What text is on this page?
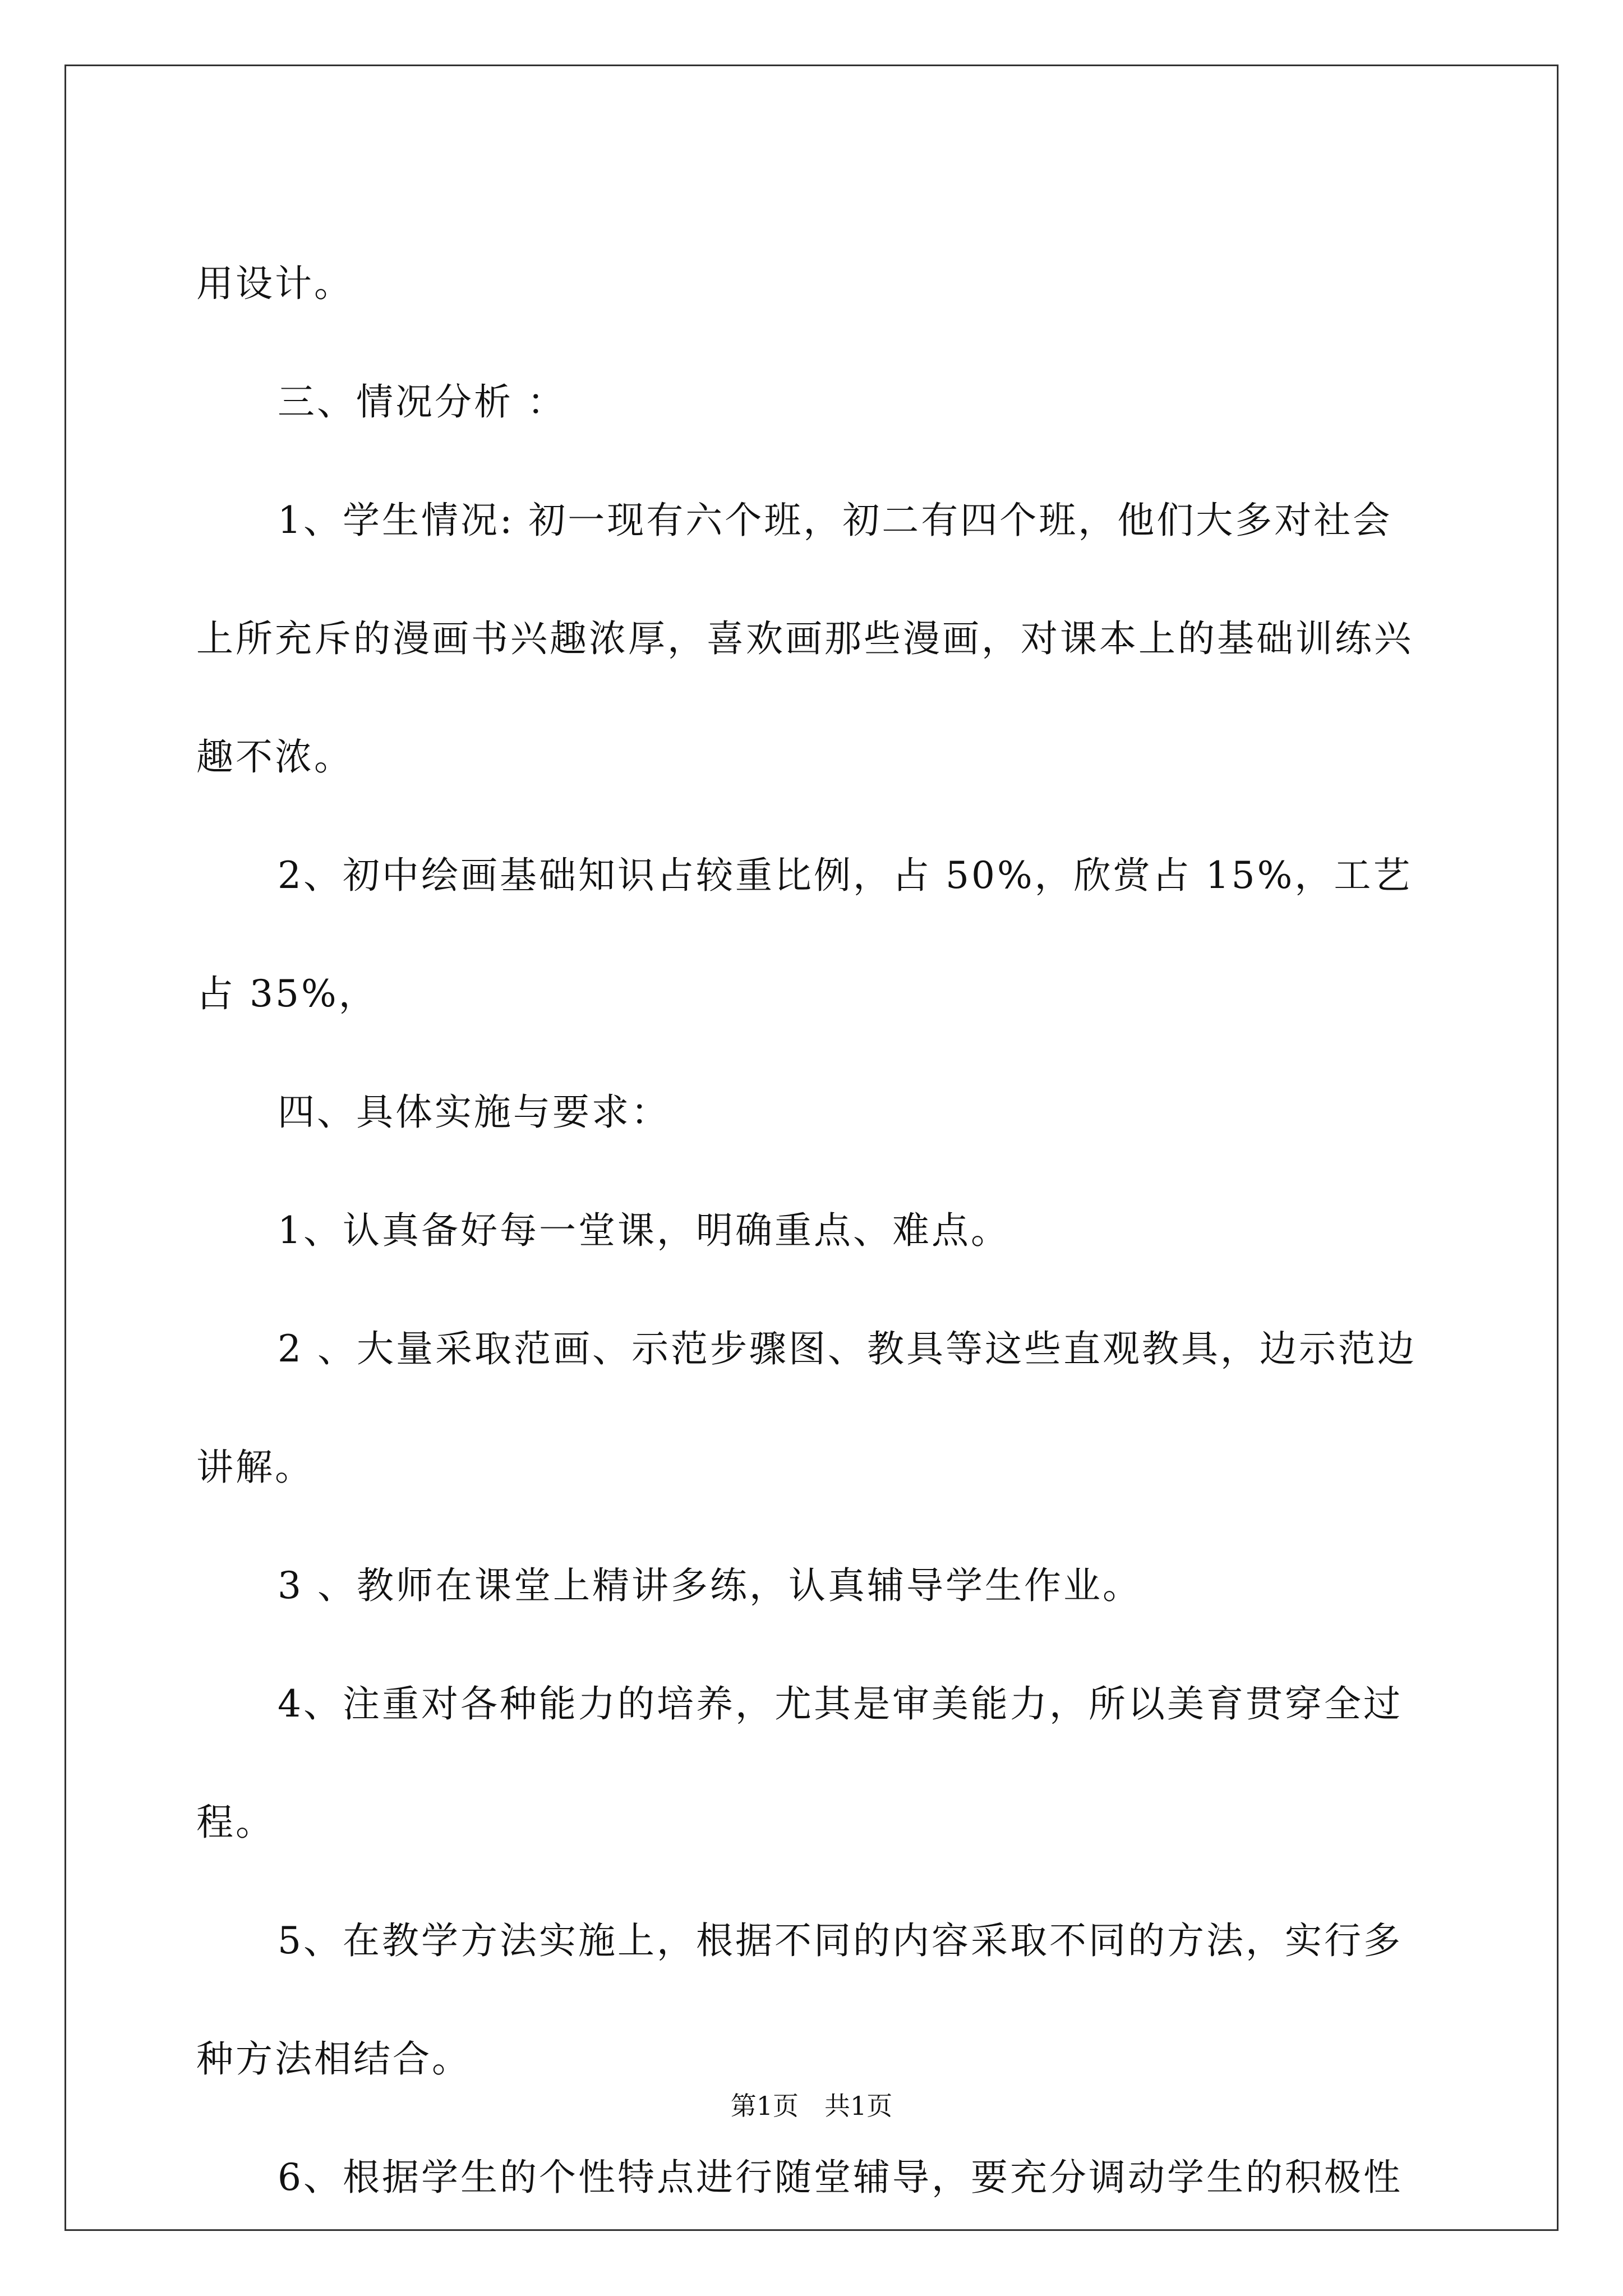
用设计。

三、情况分析 ：

1、学生情况: 初一现有六个班，初二有四个班，他们大多对社会上所充斥的漫画书兴趣浓厚，喜欢画那些漫画，对课本上的基础训练兴趣不浓。

2、初中绘画基础知识占较重比例，占 50%，欣赏占 15%，工艺占 35%，

四、具体实施与要求：

1、认真备好每一堂课，明确重点、难点。

2 、大量采取范画、示范步骤图、教具等这些直观教具，边示范边讲解。

3 、教师在课堂上精讲多练，认真辅导学生作业。

4、注重对各种能力的培养，尤其是审美能力，所以美育贯穿全过程。

5、在教学方法实施上，根据不同的内容采取不同的方法，实行多种方法相结合。

6、根据学生的个性特点进行随堂辅导，要充分调动学生的积极性

第1页 共1页
